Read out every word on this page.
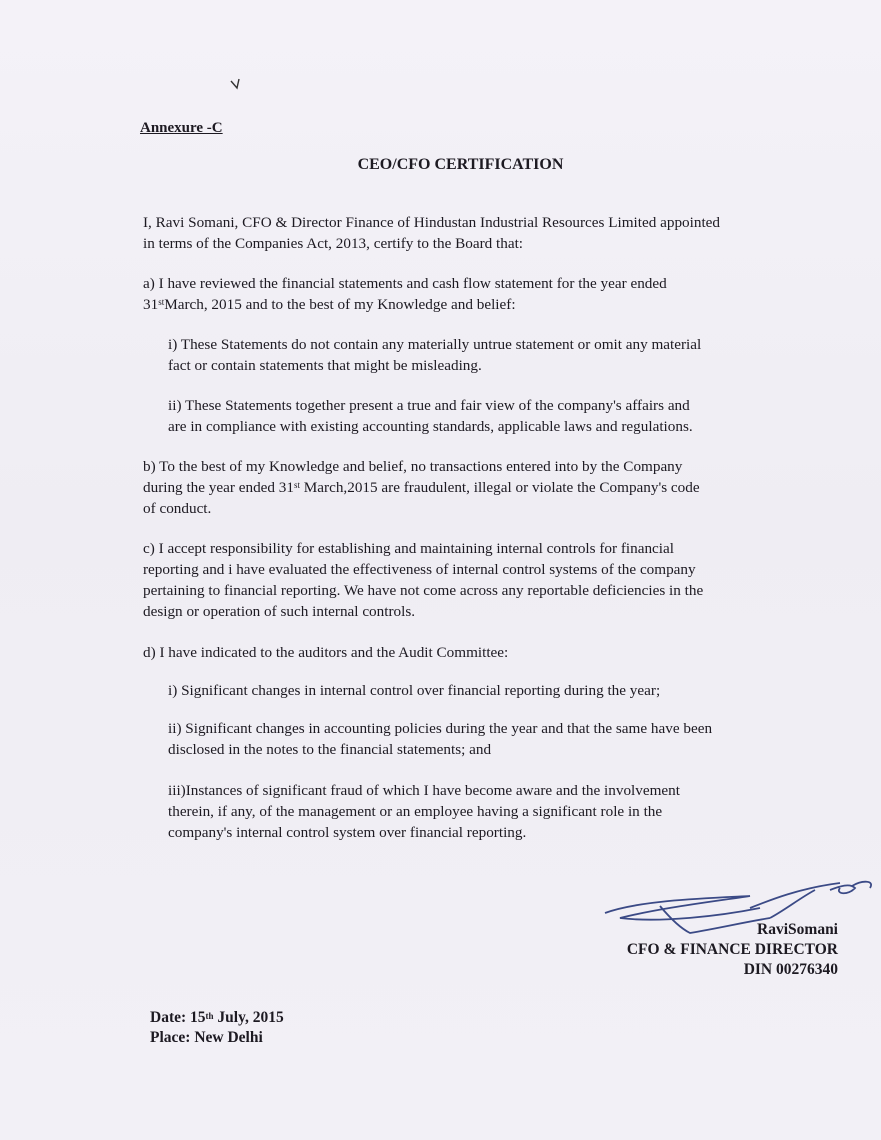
Annexure -C
CEO/CFO CERTIFICATION
I, Ravi Somani, CFO & Director Finance of Hindustan Industrial Resources Limited appointed
in terms of the Companies Act, 2013, certify to the Board that:
a) I have reviewed the financial statements and cash flow statement for the year ended
31stMarch, 2015 and to the best of my Knowledge and belief:
i) These Statements do not contain any materially untrue statement or omit any material
fact or contain statements that might be misleading.
ii) These Statements together present a true and fair view of the company's affairs and
are in compliance with existing accounting standards, applicable laws and regulations.
b) To the best of my Knowledge and belief, no transactions entered into by the Company
during the year ended 31st March,2015 are fraudulent, illegal or violate the Company's code
of conduct.
c) I accept responsibility for establishing and maintaining internal controls for financial
reporting and i have evaluated the effectiveness of internal control systems of the company
pertaining to financial reporting. We have not come across any reportable deficiencies in the
design or operation of such internal controls.
d) I have indicated to the auditors and the Audit Committee:
i) Significant changes in internal control over financial reporting during the year;
ii) Significant changes in accounting policies during the year and that the same have been
disclosed in the notes to the financial statements; and
iii)Instances of significant fraud of which I have become aware and the involvement
therein, if any, of the management or an employee having a significant role in the
company's internal control system over financial reporting.
RaviSomani
CFO & FINANCE DIRECTOR
DIN 00276340
Date: 15th July, 2015
Place: New Delhi
